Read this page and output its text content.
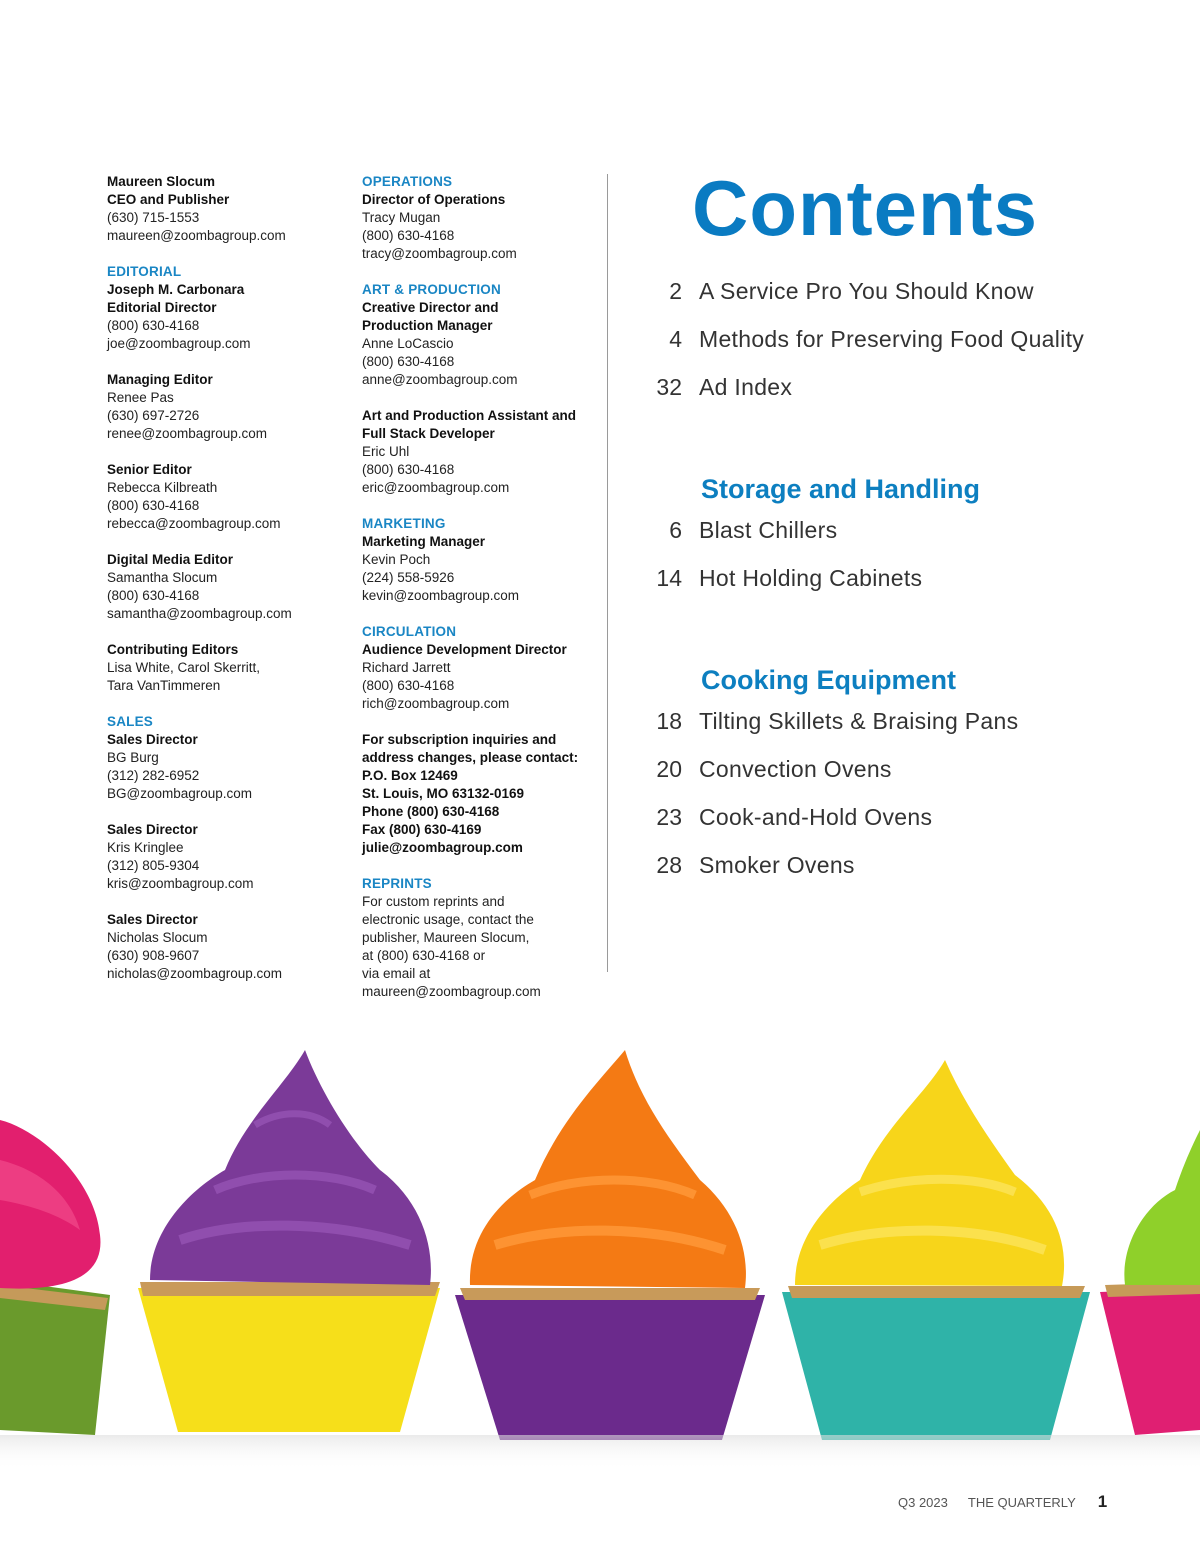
Maureen Slocum
CEO and Publisher
(630) 715-1553
maureen@zoombagroup.com
EDITORIAL
Joseph M. Carbonara
Editorial Director
(800) 630-4168
joe@zoombagroup.com
Managing Editor
Renee Pas
(630) 697-2726
renee@zoombagroup.com
Senior Editor
Rebecca Kilbreath
(800) 630-4168
rebecca@zoombagroup.com
Digital Media Editor
Samantha Slocum
(800) 630-4168
samantha@zoombagroup.com
Contributing Editors
Lisa White, Carol Skerritt,
Tara VanTimmeren
SALES
Sales Director
BG Burg
(312) 282-6952
BG@zoombagroup.com
Sales Director
Kris Kringlee
(312) 805-9304
kris@zoombagroup.com
Sales Director
Nicholas Slocum
(630) 908-9607
nicholas@zoombagroup.com
OPERATIONS
Director of Operations
Tracy Mugan
(800) 630-4168
tracy@zoombagroup.com
ART & PRODUCTION
Creative Director and
Production Manager
Anne LoCascio
(800) 630-4168
anne@zoombagroup.com
Art and Production Assistant and
Full Stack Developer
Eric Uhl
(800) 630-4168
eric@zoombagroup.com
MARKETING
Marketing Manager
Kevin Poch
(224) 558-5926
kevin@zoombagroup.com
CIRCULATION
Audience Development Director
Richard Jarrett
(800) 630-4168
rich@zoombagroup.com
For subscription inquiries and
address changes, please contact:
P.O. Box 12469
St. Louis, MO 63132-0169
Phone (800) 630-4168
Fax (800) 630-4169
julie@zoombagroup.com
REPRINTS
For custom reprints and
electronic usage, contact the
publisher, Maureen Slocum,
at (800) 630-4168 or
via email at
maureen@zoombagroup.com
Contents
2 A Service Pro You Should Know
4 Methods for Preserving Food Quality
32 Ad Index
Storage and Handling
6 Blast Chillers
14 Hot Holding Cabinets
Cooking Equipment
18 Tilting Skillets & Braising Pans
20 Convection Ovens
23 Cook-and-Hold Ovens
28 Smoker Ovens
Q3 2023 THE QUARTERLY 1
